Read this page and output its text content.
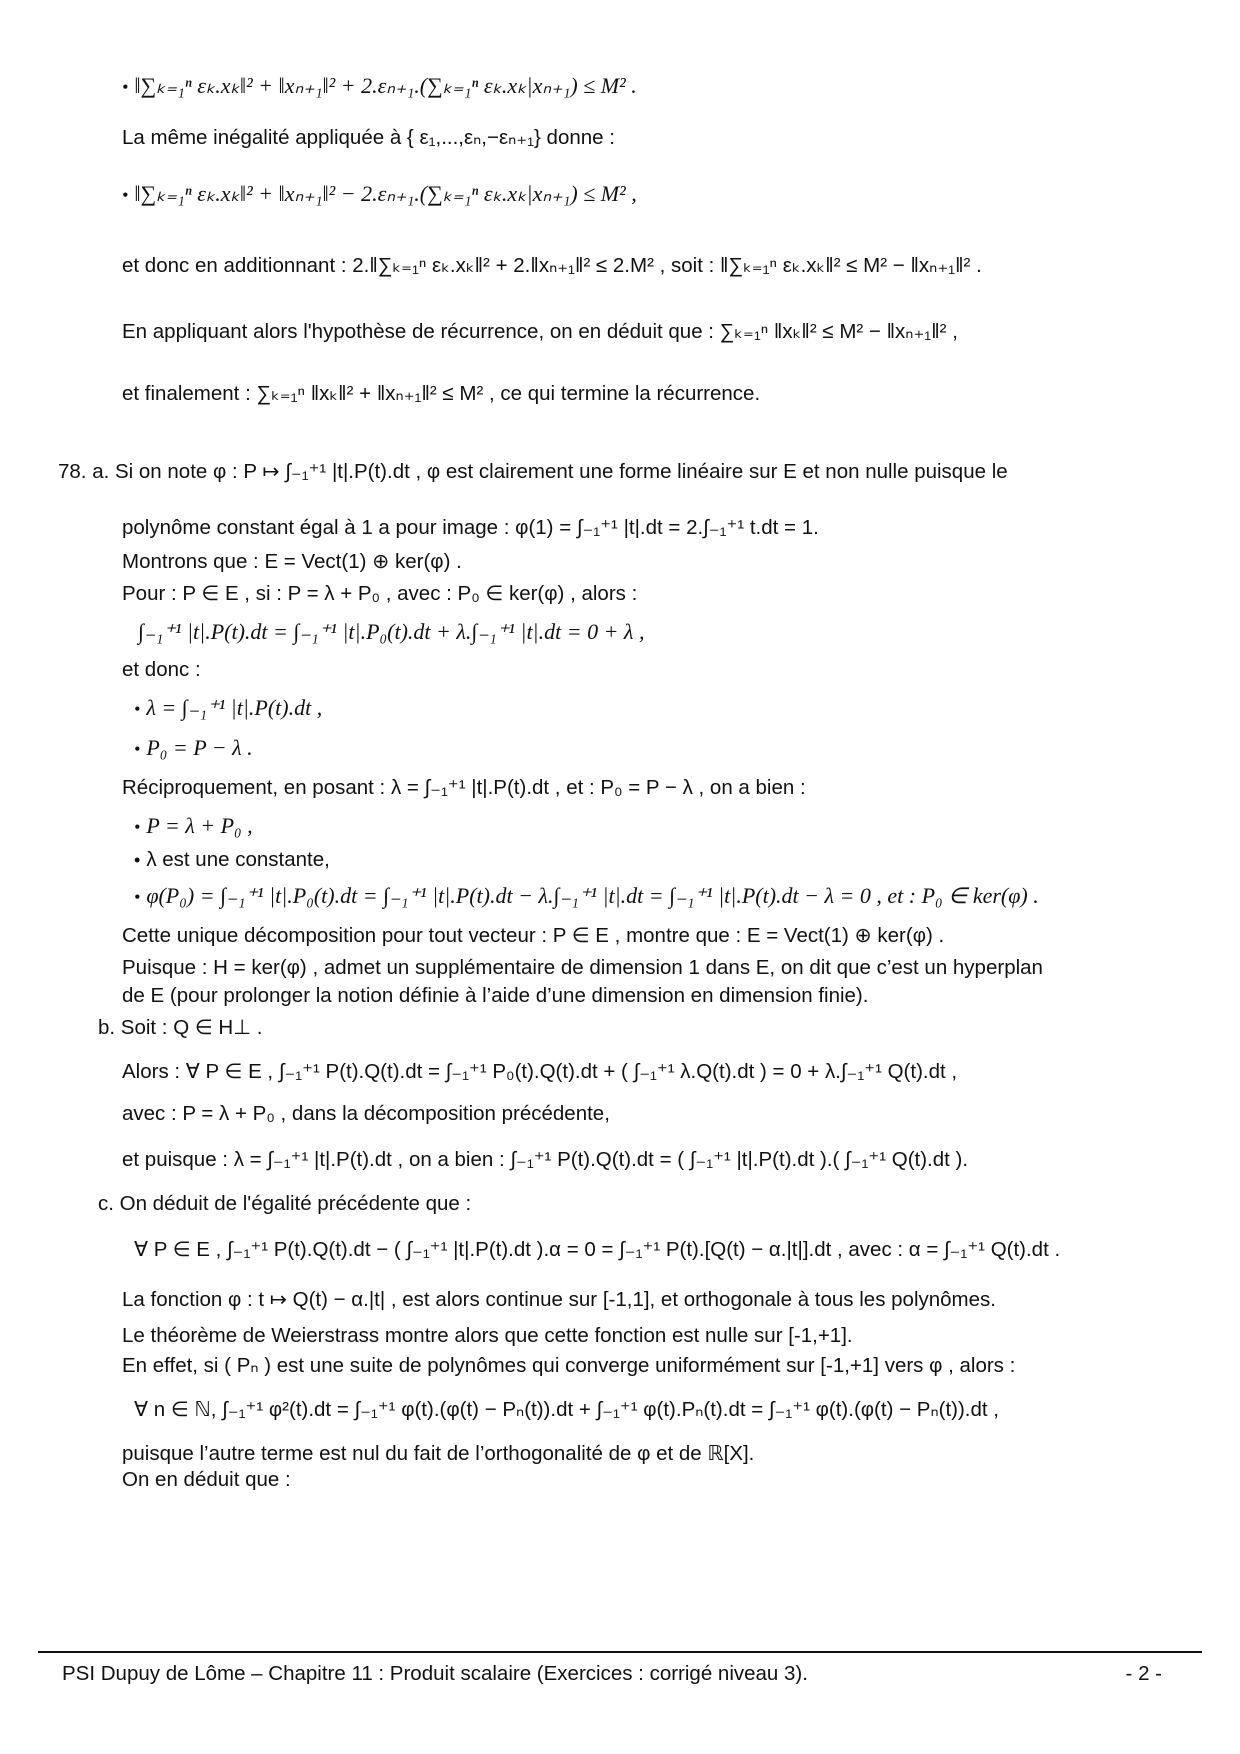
• ‖∑ₖ₌₁ⁿ εₖ.xₖ‖² + ‖xₙ₊₁‖² + 2.εₙ₊₁.(∑ₖ₌₁ⁿ εₖ.xₖ|xₙ₊₁) ≤ M² .
La même inégalité appliquée à { ε₁,...,εₙ,−εₙ₊₁} donne :
• ‖∑ₖ₌₁ⁿ εₖ.xₖ‖² + ‖xₙ₊₁‖² − 2.εₙ₊₁.(∑ₖ₌₁ⁿ εₖ.xₖ|xₙ₊₁) ≤ M² ,
et donc en additionnant : 2.‖∑ₖ₌₁ⁿ εₖ.xₖ‖² + 2.‖xₙ₊₁‖² ≤ 2.M² , soit : ‖∑ₖ₌₁ⁿ εₖ.xₖ‖² ≤ M² − ‖xₙ₊₁‖² .
En appliquant alors l'hypothèse de récurrence, on en déduit que : ∑ₖ₌₁ⁿ ‖xₖ‖² ≤ M² − ‖xₙ₊₁‖² ,
et finalement : ∑ₖ₌₁ⁿ ‖xₖ‖² + ‖xₙ₊₁‖² ≤ M² , ce qui termine la récurrence.
78. a. Si on note φ : P ↦ ∫₋₁⁺¹ |t|.P(t).dt , φ est clairement une forme linéaire sur E et non nulle puisque le
polynôme constant égal à 1 a pour image : φ(1) = ∫₋₁⁺¹ |t|.dt = 2.∫₋₁⁺¹ t.dt = 1.
Montrons que : E = Vect(1) ⊕ ker(φ) .
Pour : P ∈ E , si : P = λ + P₀ , avec : P₀ ∈ ker(φ) , alors :
∫₋₁⁺¹ |t|.P(t).dt = ∫₋₁⁺¹ |t|.P₀(t).dt + λ.∫₋₁⁺¹ |t|.dt = 0 + λ ,
et donc :
• λ = ∫₋₁⁺¹ |t|.P(t).dt ,
• P₀ = P − λ .
Réciproquement, en posant : λ = ∫₋₁⁺¹ |t|.P(t).dt , et : P₀ = P − λ , on a bien :
• P = λ + P₀ ,
• λ est une constante,
• φ(P₀) = ∫₋₁⁺¹ |t|.P₀(t).dt = ∫₋₁⁺¹ |t|.P(t).dt − λ.∫₋₁⁺¹ |t|.dt = ∫₋₁⁺¹ |t|.P(t).dt − λ = 0 , et : P₀ ∈ ker(φ) .
Cette unique décomposition pour tout vecteur : P ∈ E , montre que : E = Vect(1) ⊕ ker(φ) .
Puisque : H = ker(φ) , admet un supplémentaire de dimension 1 dans E, on dit que c’est un hyperplan
de E (pour prolonger la notion définie à l’aide d’une dimension en dimension finie).
b. Soit : Q ∈ H⊥ .
Alors : ∀ P ∈ E , ∫₋₁⁺¹ P(t).Q(t).dt = ∫₋₁⁺¹ P₀(t).Q(t).dt + ( ∫₋₁⁺¹ λ.Q(t).dt ) = 0 + λ.∫₋₁⁺¹ Q(t).dt ,
avec : P = λ + P₀ , dans la décomposition précédente,
et puisque : λ = ∫₋₁⁺¹ |t|.P(t).dt , on a bien : ∫₋₁⁺¹ P(t).Q(t).dt = ( ∫₋₁⁺¹ |t|.P(t).dt ).( ∫₋₁⁺¹ Q(t).dt ).
c. On déduit de l'égalité précédente que :
∀ P ∈ E , ∫₋₁⁺¹ P(t).Q(t).dt − ( ∫₋₁⁺¹ |t|.P(t).dt ).α = 0 = ∫₋₁⁺¹ P(t).[Q(t) − α.|t|].dt , avec : α = ∫₋₁⁺¹ Q(t).dt .
La fonction φ : t ↦ Q(t) − α.|t| , est alors continue sur [-1,1], et orthogonale à tous les polynômes.
Le théorème de Weierstrass montre alors que cette fonction est nulle sur [-1,+1].
En effet, si ( Pₙ ) est une suite de polynômes qui converge uniformément sur [-1,+1] vers φ , alors :
∀ n ∈ ℕ, ∫₋₁⁺¹ φ²(t).dt = ∫₋₁⁺¹ φ(t).(φ(t) − Pₙ(t)).dt + ∫₋₁⁺¹ φ(t).Pₙ(t).dt = ∫₋₁⁺¹ φ(t).(φ(t) − Pₙ(t)).dt ,
puisque l’autre terme est nul du fait de l’orthogonalité de φ et de ℝ[X].
On en déduit que :
PSI Dupuy de Lôme – Chapitre 11 : Produit scalaire (Exercices : corrigé niveau 3).	- 2 -
